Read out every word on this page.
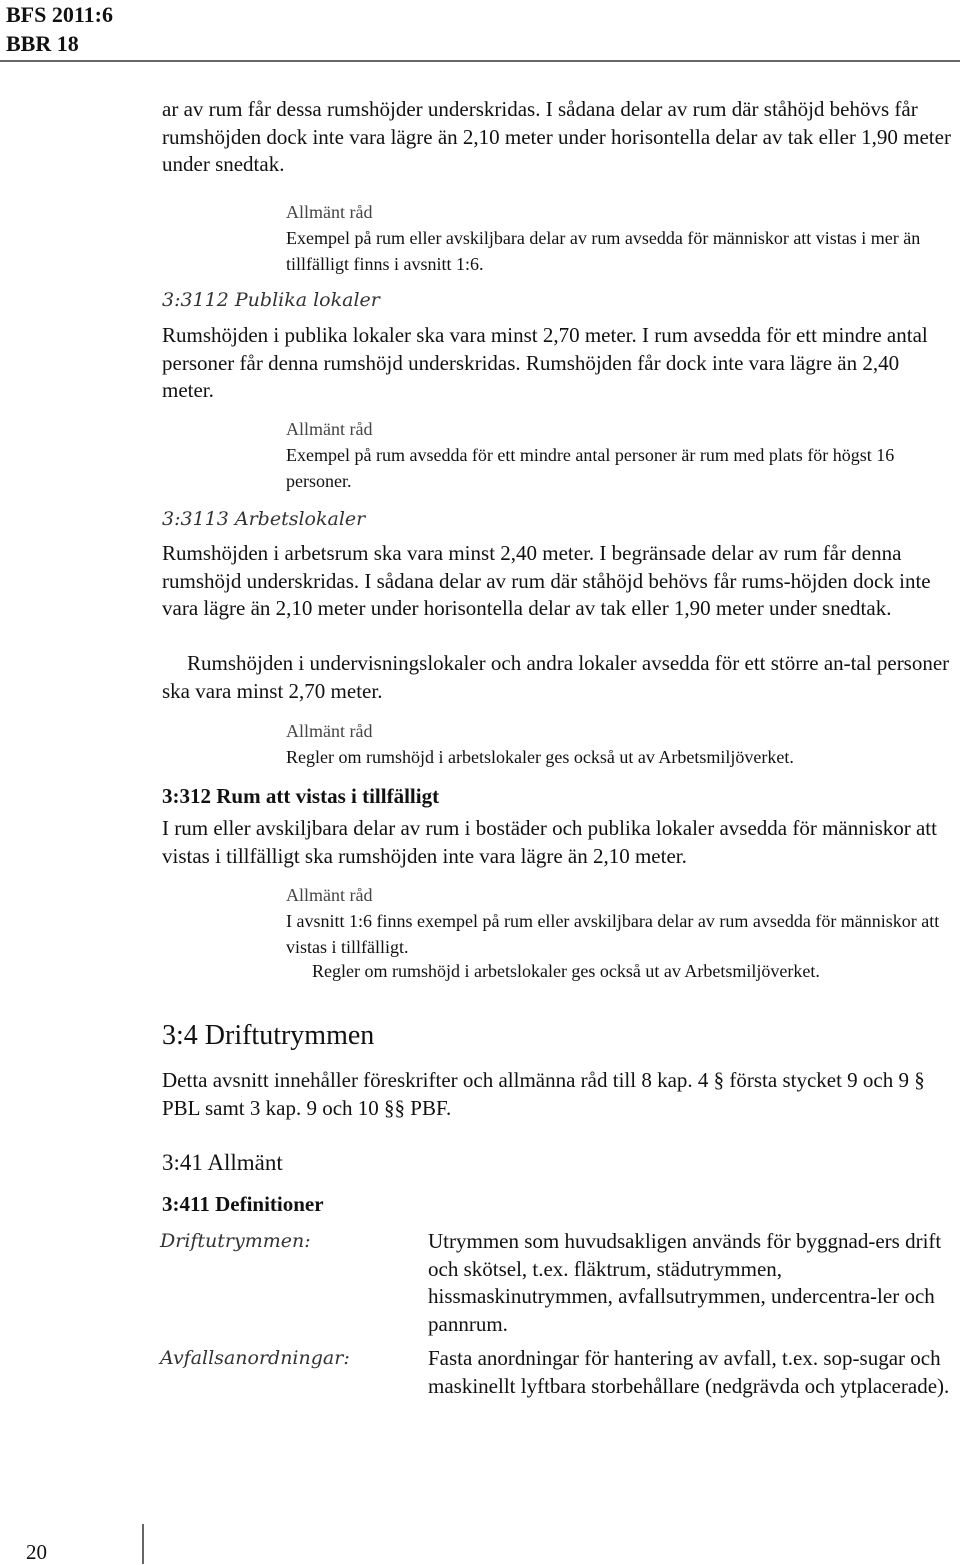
BFS 2011:6
BBR 18

ar av rum får dessa rumshöjder underskridas. I sådana delar av rum där ståhöjd behövs får rumshöjden dock inte vara lägre än 2,10 meter under horisontella delar av tak eller 1,90 meter under snedtak.

Allmänt råd

Exempel på rum eller avskiljbara delar av rum avsedda för människor att vistas i mer än tillfälligt finns i avsnitt 1:6.

3:3112 Publika lokaler

Rumshöjden i publika lokaler ska vara minst 2,70 meter. I rum avsedda för ett mindre antal personer får denna rumshöjd underskridas. Rumshöjden får dock inte vara lägre än 2,40 meter.

Allmänt råd

Exempel på rum avsedda för ett mindre antal personer är rum med plats för högst 16 personer.

3:3113 Arbetslokaler

Rumshöjden i arbetsrum ska vara minst 2,40 meter. I begränsade delar av rum får denna rumshöjd underskridas. I sådana delar av rum där ståhöjd behövs får rums-höjden dock inte vara lägre än 2,10 meter under horisontella delar av tak eller 1,90 meter under snedtak.

Rumshöjden i undervisningslokaler och andra lokaler avsedda för ett större an-tal personer ska vara minst 2,70 meter.

Allmänt råd

Regler om rumshöjd i arbetslokaler ges också ut av Arbetsmiljöverket.

3:312 Rum att vistas i tillfälligt

I rum eller avskiljbara delar av rum i bostäder och publika lokaler avsedda för människor att vistas i tillfälligt ska rumshöjden inte vara lägre än 2,10 meter.

Allmänt råd

I avsnitt 1:6 finns exempel på rum eller avskiljbara delar av rum avsedda för människor att vistas i tillfälligt.

Regler om rumshöjd i arbetslokaler ges också ut av Arbetsmiljöverket.

3:4 Driftutrymmen

Detta avsnitt innehåller föreskrifter och allmänna råd till 8 kap. 4 § första stycket 9 och 9 § PBL samt 3 kap. 9 och 10 §§ PBF.

3:41 Allmänt
3:411 Definitioner
Driftutrymmen:	Utrymmen som huvudsakligen används för byggnad-ers drift och skötsel, t.ex. fläktrum, städutrymmen, hissmaskinutrymmen, avfallsutrymmen, undercentra-ler och pannrum.

Avfallsanordningar:	Fasta anordningar för hantering av avfall, t.ex. sop-sugar och maskinellt lyftbara storbehållare (nedgrävda och ytplacerade).

20
